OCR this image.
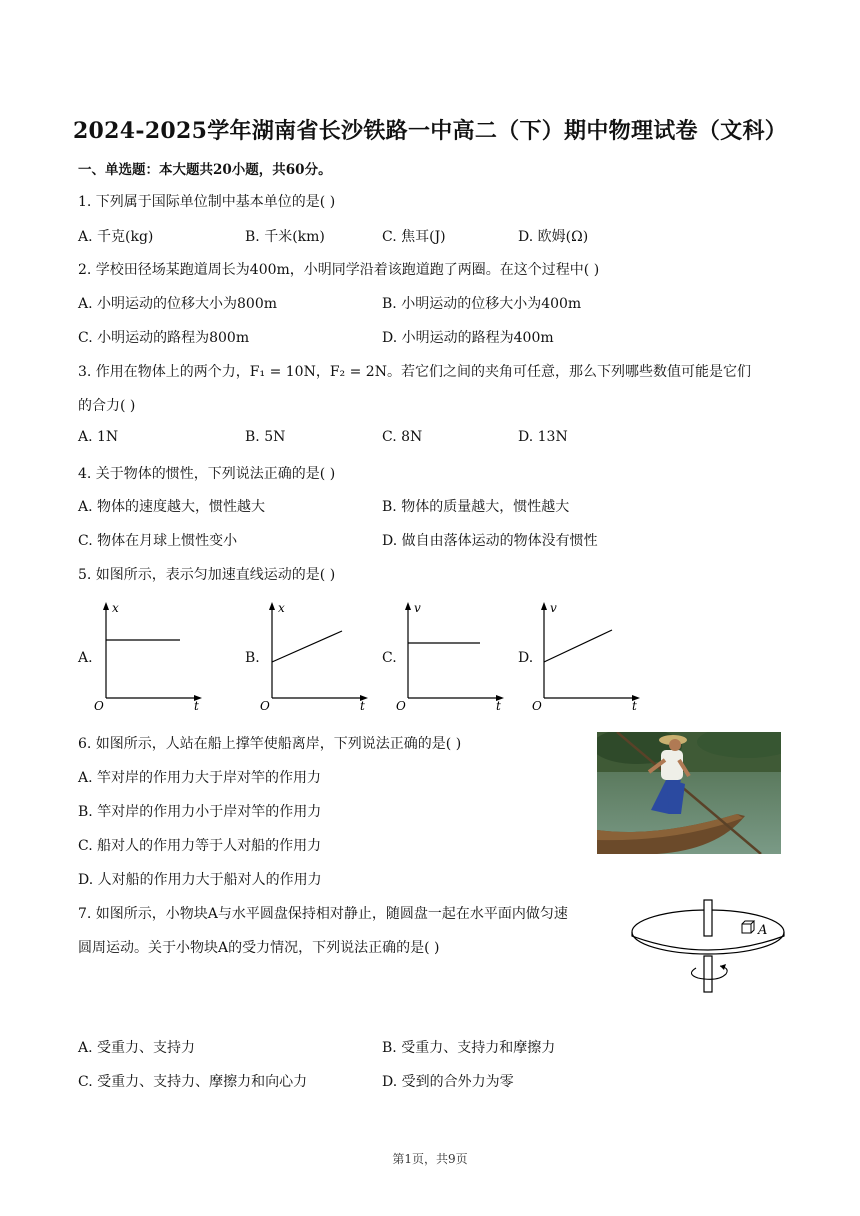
2024-2025学年湖南省长沙铁路一中高二（下）期中物理试卷（文科）
一、单选题：本大题共20小题，共60分。
1. 下列属于国际单位制中基本单位的是( )
A. 千克(kg)	B. 千米(km)	C. 焦耳(J)	D. 欧姆(Ω)
2. 学校田径场某跑道周长为400m，小明同学沿着该跑道跑了两圈。在这个过程中( )
A. 小明运动的位移大小为800m	B. 小明运动的位移大小为400m
C. 小明运动的路程为800m	D. 小明运动的路程为400m
3. 作用在物体上的两个力，F₁ = 10N，F₂ = 2N。若它们之间的夹角可任意，那么下列哪些数值可能是它们
的合力( )
A. 1N	B. 5N	C. 8N	D. 13N
4. 关于物体的惯性，下列说法正确的是( )
A. 物体的速度越大，惯性越大	B. 物体的质量越大，惯性越大
C. 物体在月球上惯性变小	D. 做自由落体运动的物体没有惯性
5. 如图所示，表示匀加速直线运动的是( )
A.	B.	C.	D.
x
t
O
x
t
O
v
t
O
v
t
O
6. 如图所示，人站在船上撑竿使船离岸，下列说法正确的是( )
A. 竿对岸的作用力大于岸对竿的作用力
B. 竿对岸的作用力小于岸对竿的作用力
C. 船对人的作用力等于人对船的作用力
D. 人对船的作用力大于船对人的作用力
7. 如图所示，小物块A与水平圆盘保持相对静止，随圆盘一起在水平面内做匀速
圆周运动。关于小物块A的受力情况，下列说法正确的是( )
A
A. 受重力、支持力	B. 受重力、支持力和摩擦力
C. 受重力、支持力、摩擦力和向心力	D. 受到的合外力为零
第1页，共9页
